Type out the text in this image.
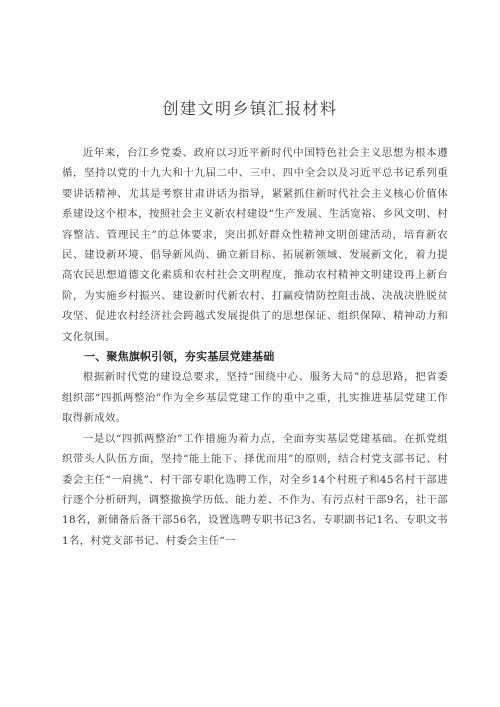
创建文明乡镇汇报材料

近年来，台江乡党委、政府以习近平新时代中国特色社会主义思想为根本遵循，坚持以党的十九大和十九届二中、三中、四中全会以及习近平总书记系列重要讲话精神、尤其是考察甘肃讲话为指导，紧紧抓住新时代社会主义核心价值体系建设这个根本，按照社会主义新农村建设“生产发展、生活宽裕、乡风文明、村容整洁、管理民主”的总体要求，突出抓好群众性精神文明创建活动，培育新农民、建设新环境、倡导新风尚、确立新目标、拓展新领域、发展新文化，着力提高农民思想道德文化素质和农村社会文明程度，推动农村精神文明建设再上新台阶，为实施乡村振兴、建设新时代新农村、打赢疫情防控阻击战、决战决胜脱贫攻坚、促进农村经济社会跨越式发展提供了的思想保证、组织保障、精神动力和文化氛围。

一、聚焦旗帜引领，夯实基层党建基础

根据新时代党的建设总要求，坚持“围绕中心、服务大局”的总思路，把省委组织部“四抓两整治”作为全乡基层党建工作的重中之重，扎实推进基层党建工作取得新成效。

一是以“四抓两整治”工作措施为着力点，全面夯实基层党建基础。在抓党组织带头人队伍方面，坚持“能上能下、择优而用”的原则，结合村党支部书记、村委会主任“一肩挑”、村干部专职化选聘工作，对全乡14个村班子和45名村干部进行逐个分析研判，调整撤换学历低、能力差、不作为、有污点村干部9名，社干部18名，新储备后备干部56名，设置选聘专职书记3名、专职副书记1名、专职文书1名，村党支部书记、村委会主任“一
